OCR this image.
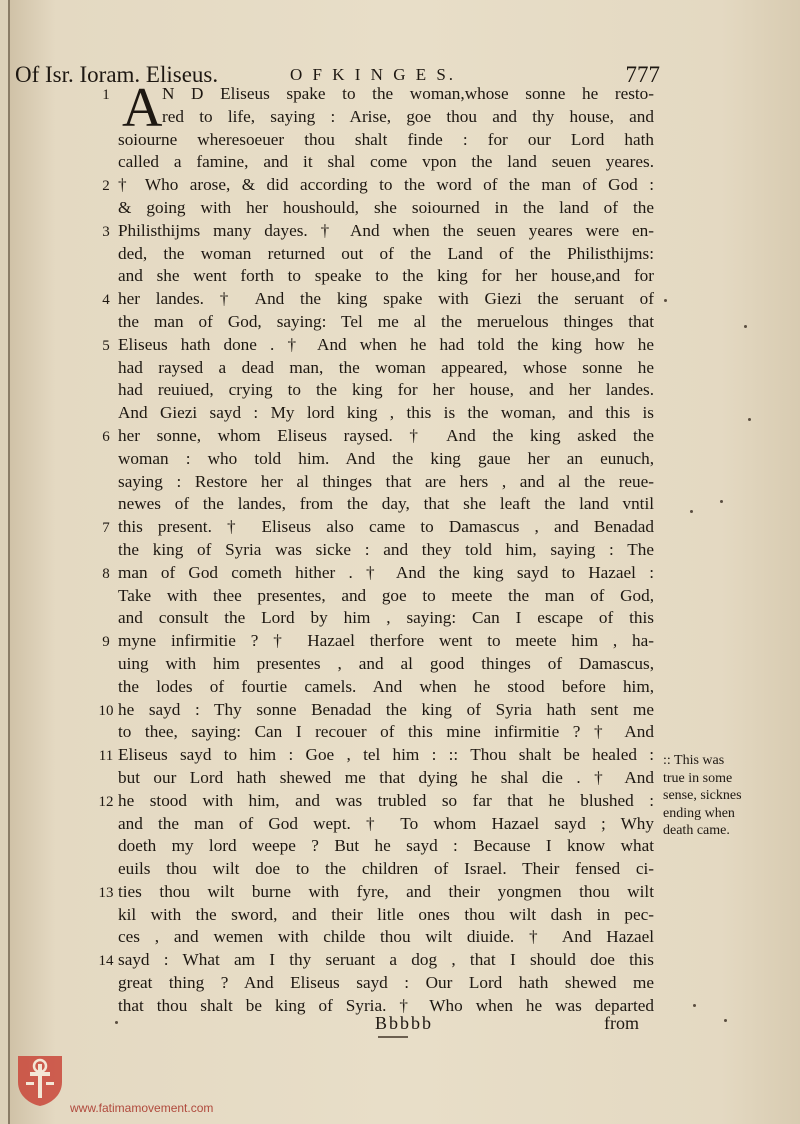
Of Isr. Ioram. Eliseus.	O F K I N G E S.	777
1
2
3
4
5
6
7
8
9
10
11
12
13
14
A N D Eliseus spake to the woman,whose sonne he resto-
red to life, saying : Arise, goe thou and thy house, and
soiourne wheresoeuer thou shalt finde : for our Lord hath
called a famine, and it shal come vpon the land seuen yeares.
† Who arose, & did according to the word of the man of God :
& going with her houshould, she soiourned in the land of the
Philisthijms many dayes. † And when the seuen yeares were en-
ded, the woman returned out of the Land of the Philisthijms:
and she went forth to speake to the king for her house,and for
her landes. † And the king spake with Giezi the seruant of
the man of God, saying: Tel me al the meruelous thinges that
Eliseus hath done . † And when he had told the king how he
had raysed a dead man, the woman appeared, whose sonne he
had reuiued, crying to the king for her house, and her landes.
And Giezi sayd : My lord king , this is the woman, and this is
her sonne, whom Eliseus raysed. † And the king asked the
woman : who told him. And the king gaue her an eunuch,
saying : Restore her al thinges that are hers , and al the reue-
newes of the landes, from the day, that she leaft the land vntil
this present. † Eliseus also came to Damascus , and Benadad
the king of Syria was sicke : and they told him, saying : The
man of God cometh hither . † And the king sayd to Hazael :
Take with thee presentes, and goe to meete the man of God,
and consult the Lord by him , saying: Can I escape of this
myne infirmitie ? † Hazael therfore went to meete him , ha-
uing with him presentes , and al good thinges of Damascus,
the lodes of fourtie camels. And when he stood before him,
he sayd : Thy sonne Benadad the king of Syria hath sent me
to thee, saying: Can I recouer of this mine infirmitie ? † And
Eliseus sayd to him : Goe , tel him : :: Thou shalt be healed :
but our Lord hath shewed me that dying he shal die . † And
he stood with him, and was trubled so far that he blushed :
and the man of God wept. † To whom Hazael sayd ; Why
doeth my lord weepe ? But he sayd : Because I know what
euils thou wilt doe to the children of Israel. Their fensed ci-
ties thou wilt burne with fyre, and their yongmen thou wilt
kil with the sword, and their litle ones thou wilt dash in pec-
ces , and wemen with childe thou wilt diuide. † And Hazael
sayd : What am I thy seruant a dog , that I should doe this
great thing ? And Eliseus sayd : Our Lord hath shewed me
that thou shalt be king of Syria. † Who when he was departed
:: This was
true in some
sense, sicknes
ending when
death came.
Bbbbb	from
www.fatimamovement.com
